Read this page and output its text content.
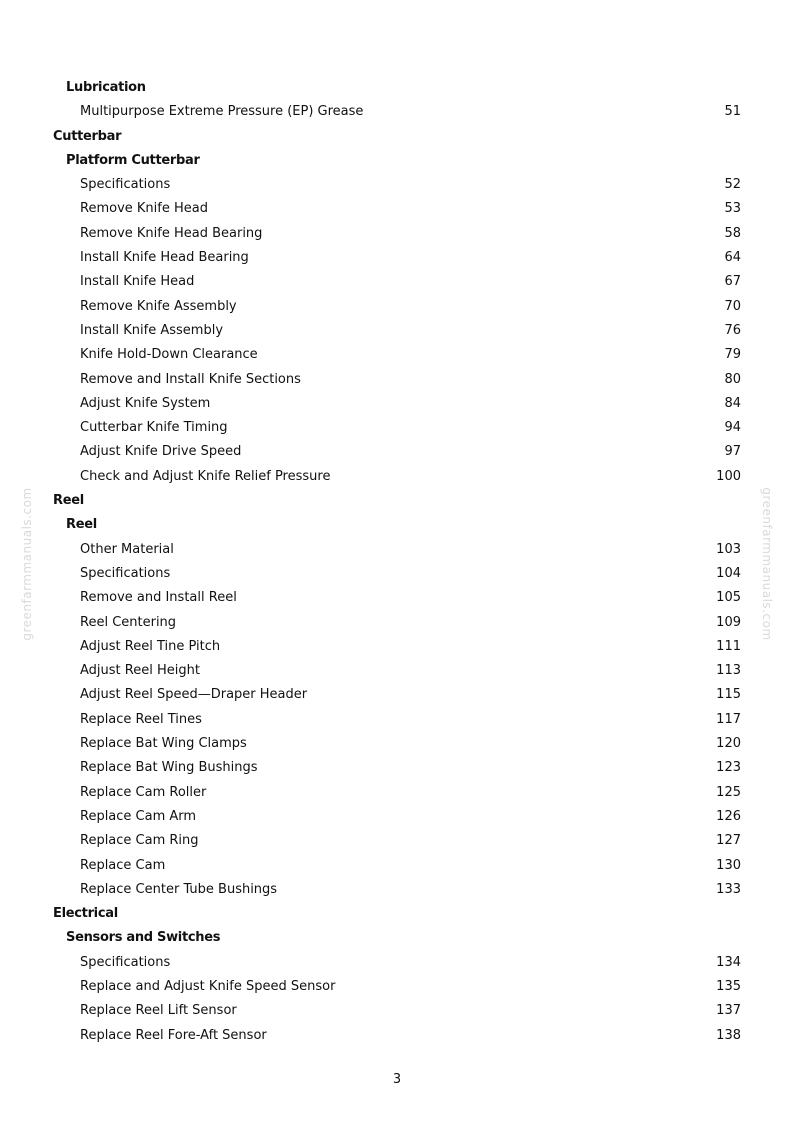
greenfarmmanuals.com	greenfarmmanuals.com
Lubrication
Multipurpose Extreme Pressure (EP) Grease	51
Cutterbar
Platform Cutterbar
Specifications	52
Remove Knife Head	53
Remove Knife Head Bearing	58
Install Knife Head Bearing	64
Install Knife Head	67
Remove Knife Assembly	70
Install Knife Assembly	76
Knife Hold-Down Clearance	79
Remove and Install Knife Sections	80
Adjust Knife System	84
Cutterbar Knife Timing	94
Adjust Knife Drive Speed	97
Check and Adjust Knife Relief Pressure	100
Reel
Reel
Other Material	103
Specifications	104
Remove and Install Reel	105
Reel Centering	109
Adjust Reel Tine Pitch	111
Adjust Reel Height	113
Adjust Reel Speed—Draper Header	115
Replace Reel Tines	117
Replace Bat Wing Clamps	120
Replace Bat Wing Bushings	123
Replace Cam Roller	125
Replace Cam Arm	126
Replace Cam Ring	127
Replace Cam	130
Replace Center Tube Bushings	133
Electrical
Sensors and Switches
Specifications	134
Replace and Adjust Knife Speed Sensor	135
Replace Reel Lift Sensor	137
Replace Reel Fore-Aft Sensor	138
3
